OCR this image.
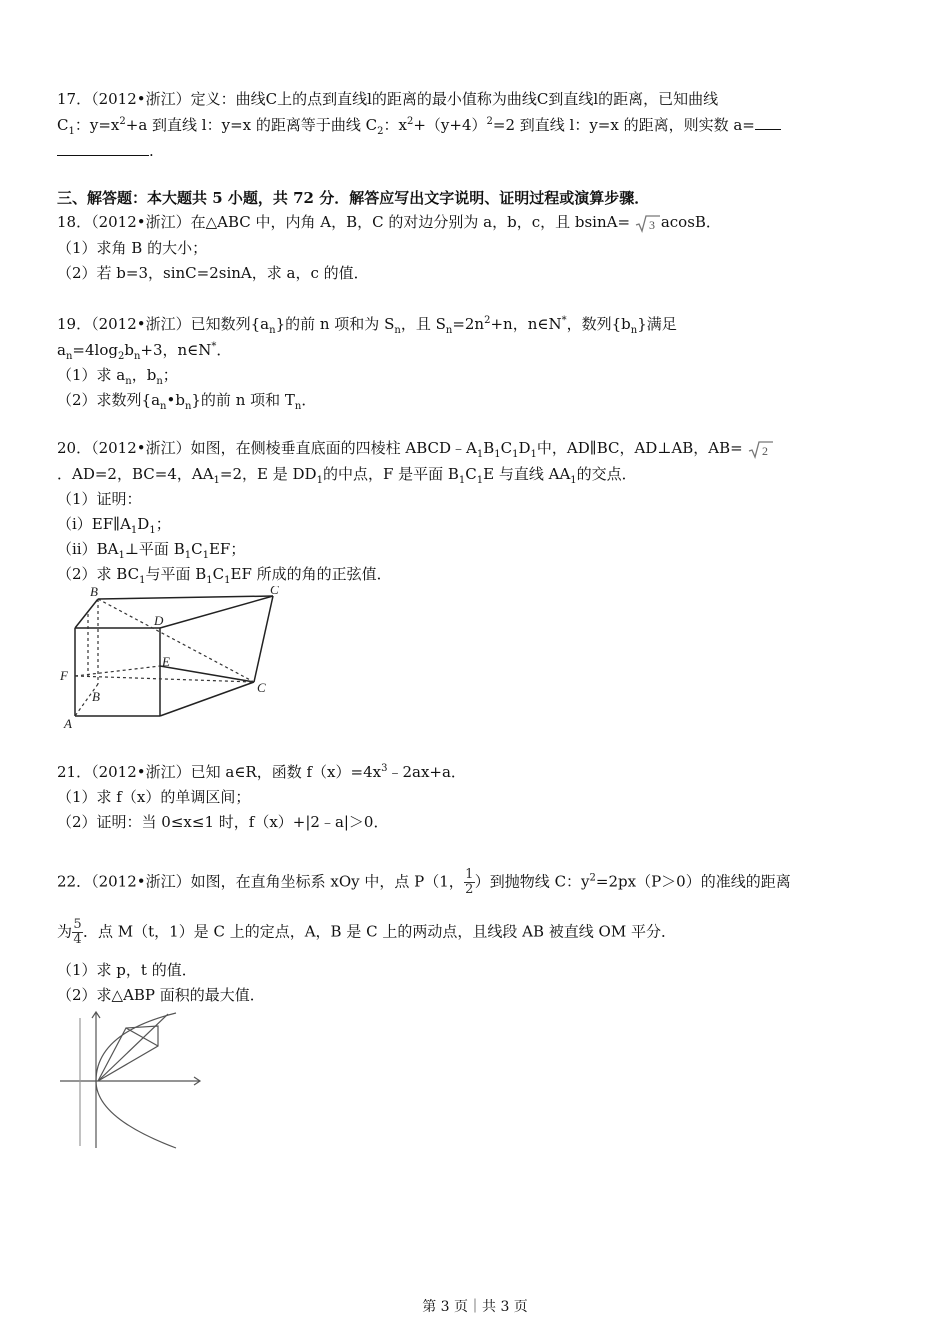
17．（2012•浙江）定义：曲线C上的点到直线l的距离的最小值称为曲线C到直线l的距离，已知曲线
$C_1$：$y=x^2+a$ 到直线 l：y=x 的距离等于曲线 $C_2$：$x^2+(y+4)^2=2$ 到直线 l：y=x 的距离，则实数 a=
.
三、解答题：本大题共 5 小题，共 72 分．解答应写出文字说明、证明过程或演算步骤．
18．（2012•浙江）在△ABC 中，内角 A，B，C 的对边分别为 a，b，c，且 bsinA= 3 acosB．
（1）求角 B 的大小；
（2）若 b=3，sinC=2sinA，求 a，c 的值．
19．（2012•浙江）已知数列$\{a_n\}$的前 n 项和为 $S_n$，且 $S_n=2n^2+n$，n∈N*，数列$\{b_n\}$满足
$a_n=4\log_2b_n+3$，n∈N*．
（1）求 $a_n$，$b_n$；
（2）求数列$\{a_n•b_n\}$的前 n 项和 $T_n$．
20．（2012•浙江）如图，在侧棱垂直底面的四棱柱 $ABCD﹣A_1B_1C_1D_1$中，AD∥BC，AD⊥AB，AB= 2
．AD=2，BC=4，$AA_1=2$，E 是 $DD_1$的中点，F 是平面 $B_1C_1E$ 与直线 $AA_1$的交点．
（1）证明：
$(i)EF\parallel A_1D_1$；
$(ii)BA_1\perp$平面 $B_1C_1EF$；
（2）求 $BC_1$与平面 $B_1C_1EF$ 所成的角的正弦值．
B	C
D
E
F
B
C
A
21．（2012•浙江）已知 a∈R，函数 $f(x)=4x^3﹣2ax+a$．
（1）求 f（x）的单调区间；
（2）证明：当 0≤x≤1 时，f（x）+|2﹣a|＞0．
22．（2012•浙江）如图，在直角坐标系 xOy 中，点 P（1， $\frac{1}{2}$ ）到抛物线 C：$y^2=2px(P>0)$的准线的距离
为 $\frac{5}{4}$ ．点 M（t，1）是 C 上的定点，A，B 是 C 上的两动点，且线段 AB 被直线 OM 平分．
（1）求 p，t 的值．
（2）求△ABP 面积的最大值．
第 3 页｜共 3 页
